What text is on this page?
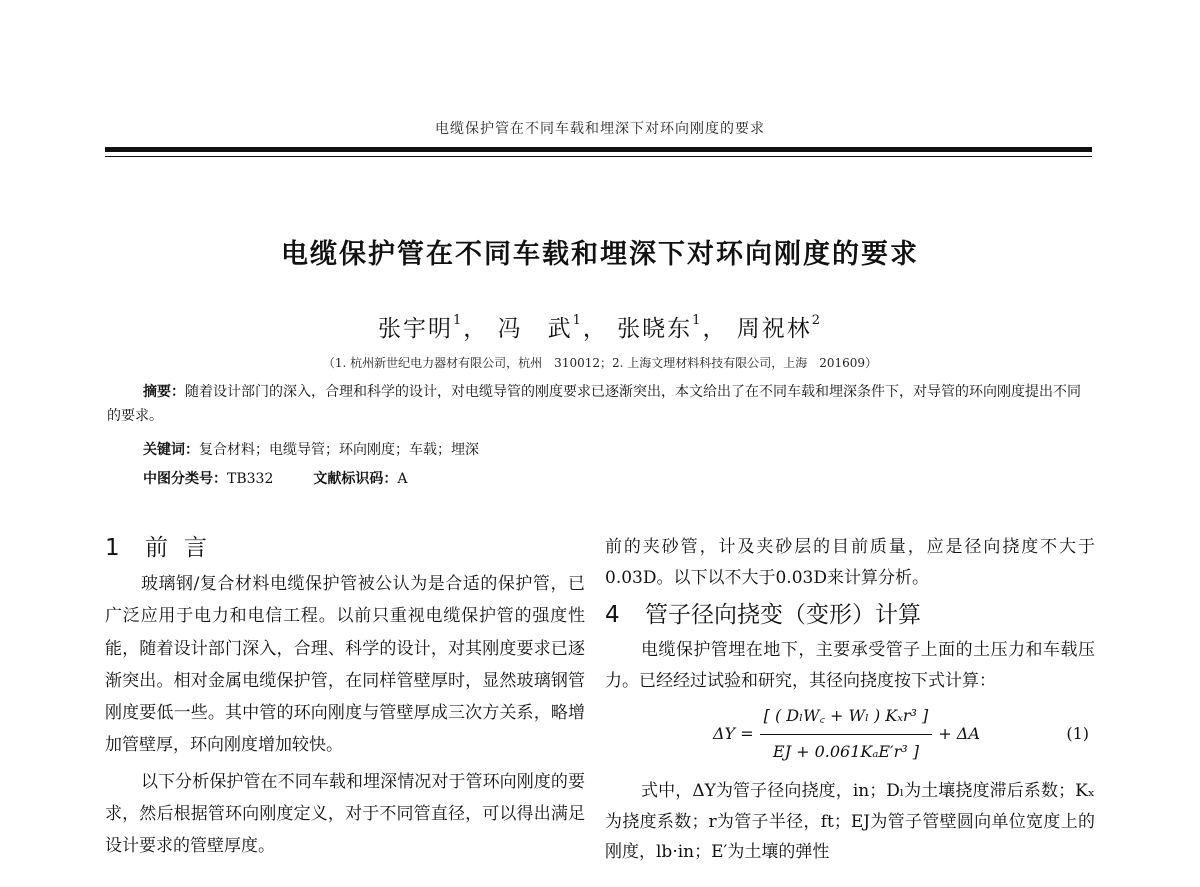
电缆保护管在不同车载和埋深下对环向刚度的要求
电缆保护管在不同车载和埋深下对环向刚度的要求
张宇明$^1$， 冯　武$^1$， 张晓东$^1$， 周祝林$^2$
（1. 杭州新世纪电力器材有限公司，杭州　310012；2. 上海文理材料科技有限公司，上海　201609）
摘要：随着设计部门的深入，合理和科学的设计，对电缆导管的刚度要求已逐渐突出，本文给出了在不同车载和埋深条件下，对导管的环向刚度提出不同的要求。
关键词：复合材料；电缆导管；环向刚度；车载；埋深
中图分类号：TB332	文献标识码：A
1 前言

玻璃钢/复合材料电缆保护管被公认为是合适的保护管，已广泛应用于电力和电信工程。以前只重视电缆保护管的强度性能，随着设计部门深入，合理、科学的设计，对其刚度要求已逐渐突出。相对金属电缆保护管，在同样管壁厚时，显然玻璃钢管刚度要低一些。其中管的环向刚度与管壁厚成三次方关系，略增加管壁厚，环向刚度增加较快。

以下分析保护管在不同车载和埋深情况对于管环向刚度的要求，然后根据管环向刚度定义，对于不同管直径，可以得出满足设计要求的管壁厚度。

前的夹砂管，计及夹砂层的目前质量，应是径向挠度不大于0.03D。以下以不大于0.03D来计算分析。

4 管子径向挠变（变形）计算

电缆保护管埋在地下，主要承受管子上面的土压力和车载压力。已经经过试验和研究，其径向挠度按下式计算：

$\Delta Y = \frac{\text{[ ( DₗW꜀ + Wₗ ) Kₓr³ ]}}{\text{EJ + 0.061KₐE′r³ ]}} + \Delta A$	(1)

式中，ΔY为管子径向挠度，in；Dₗ为土壤挠度滞后系数；Kₓ为挠度系数；r为管子半径，ft；EJ为管子管壁圆向单位宽度上的刚度，lb·in；E′为土壤的弹性
